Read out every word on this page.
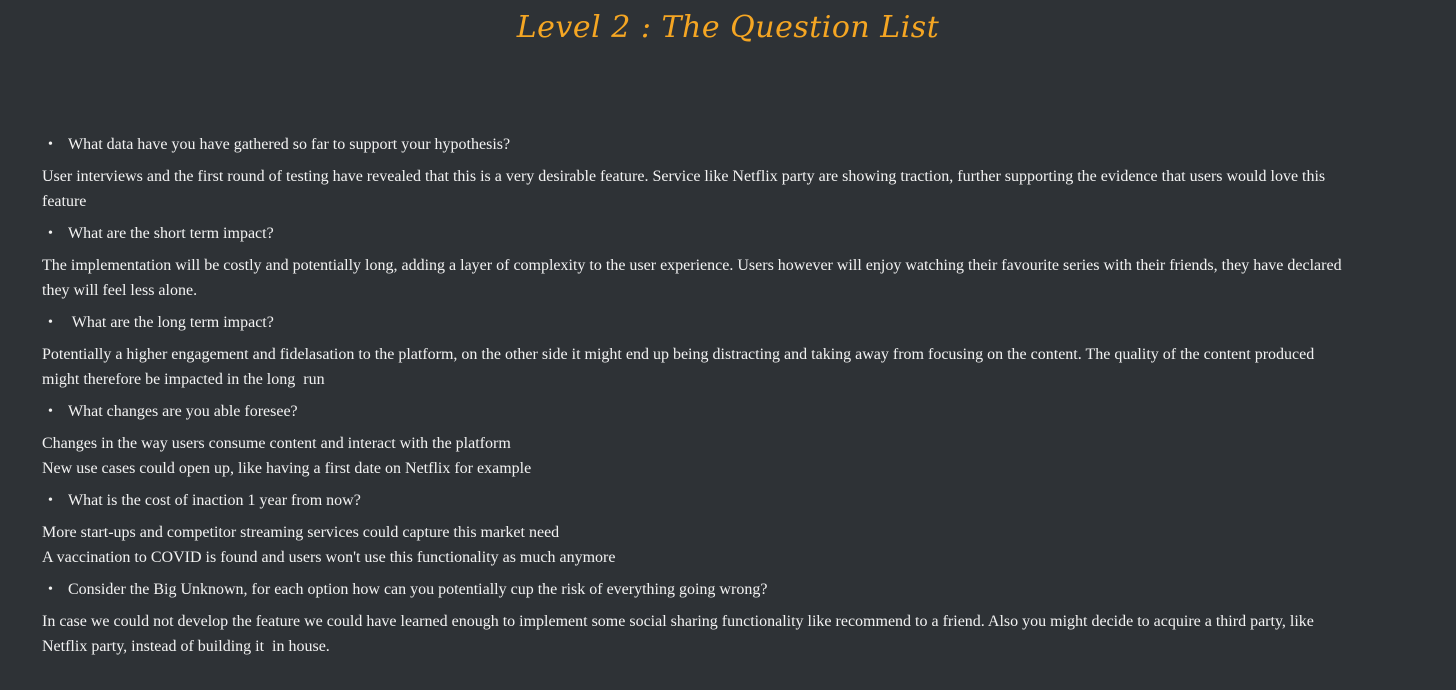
Level 2 : The Question List
• What data have you have gathered so far to support your hypothesis?
User interviews and the first round of testing have revealed that this is a very desirable feature. Service like Netflix party are showing traction, further supporting the evidence that users would love this
feature
• What are the short term impact?
The implementation will be costly and potentially long, adding a layer of complexity to the user experience. Users however will enjoy watching their favourite series with their friends, they have declared
they will feel less alone.
• What are the long term impact?
Potentially a higher engagement and fidelasation to the platform, on the other side it might end up being distracting and taking away from focusing on the content. The quality of the content produced
might therefore be impacted in the long  run
• What changes are you able foresee?
Changes in the way users consume content and interact with the platform
New use cases could open up, like having a first date on Netflix for example
• What is the cost of inaction 1 year from now?
More start-ups and competitor streaming services could capture this market need
A vaccination to COVID is found and users won't use this functionality as much anymore
• Consider the Big Unknown, for each option how can you potentially cup the risk of everything going wrong?
In case we could not develop the feature we could have learned enough to implement some social sharing functionality like recommend to a friend. Also you might decide to acquire a third party, like
Netflix party, instead of building it  in house.
